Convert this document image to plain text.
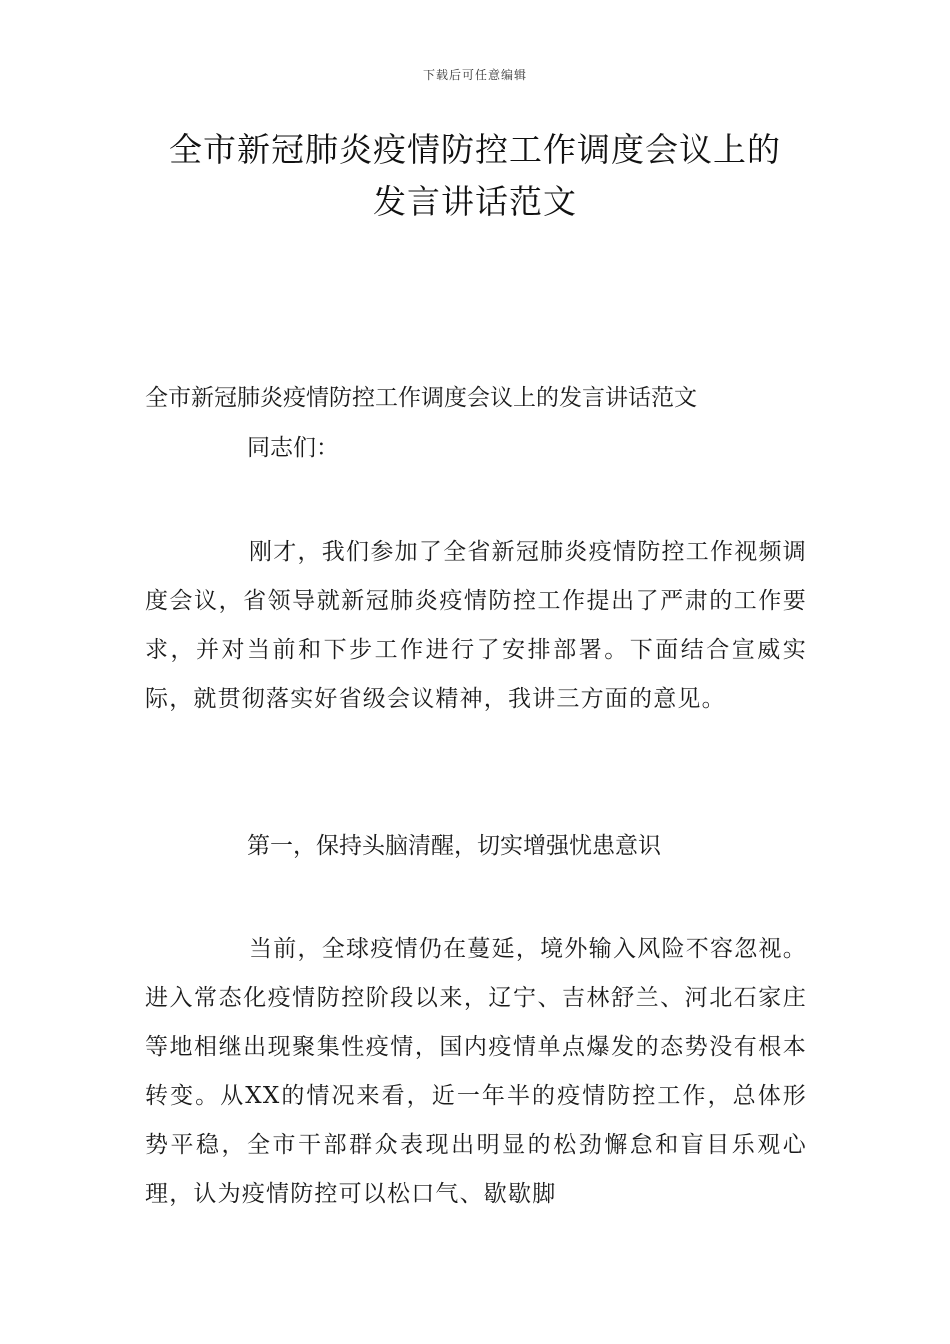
下载后可任意编辑
全市新冠肺炎疫情防控工作调度会议上的
发言讲话范文
全市新冠肺炎疫情防控工作调度会议上的发言讲话范文
同志们：
刚才，我们参加了全省新冠肺炎疫情防控工作视频调度会议，省领导就新冠肺炎疫情防控工作提出了严肃的工作要求，并对当前和下步工作进行了安排部署。下面结合宣威实际，就贯彻落实好省级会议精神，我讲三方面的意见。
第一，保持头脑清醒，切实增强忧患意识
当前，全球疫情仍在蔓延，境外输入风险不容忽视。进入常态化疫情防控阶段以来，辽宁、吉林舒兰、河北石家庄等地相继出现聚集性疫情，国内疫情单点爆发的态势没有根本转变。从XX的情况来看，近一年半的疫情防控工作，总体形势平稳，全市干部群众表现出明显的松劲懈怠和盲目乐观心理，认为疫情防控可以松口气、歇歇脚
